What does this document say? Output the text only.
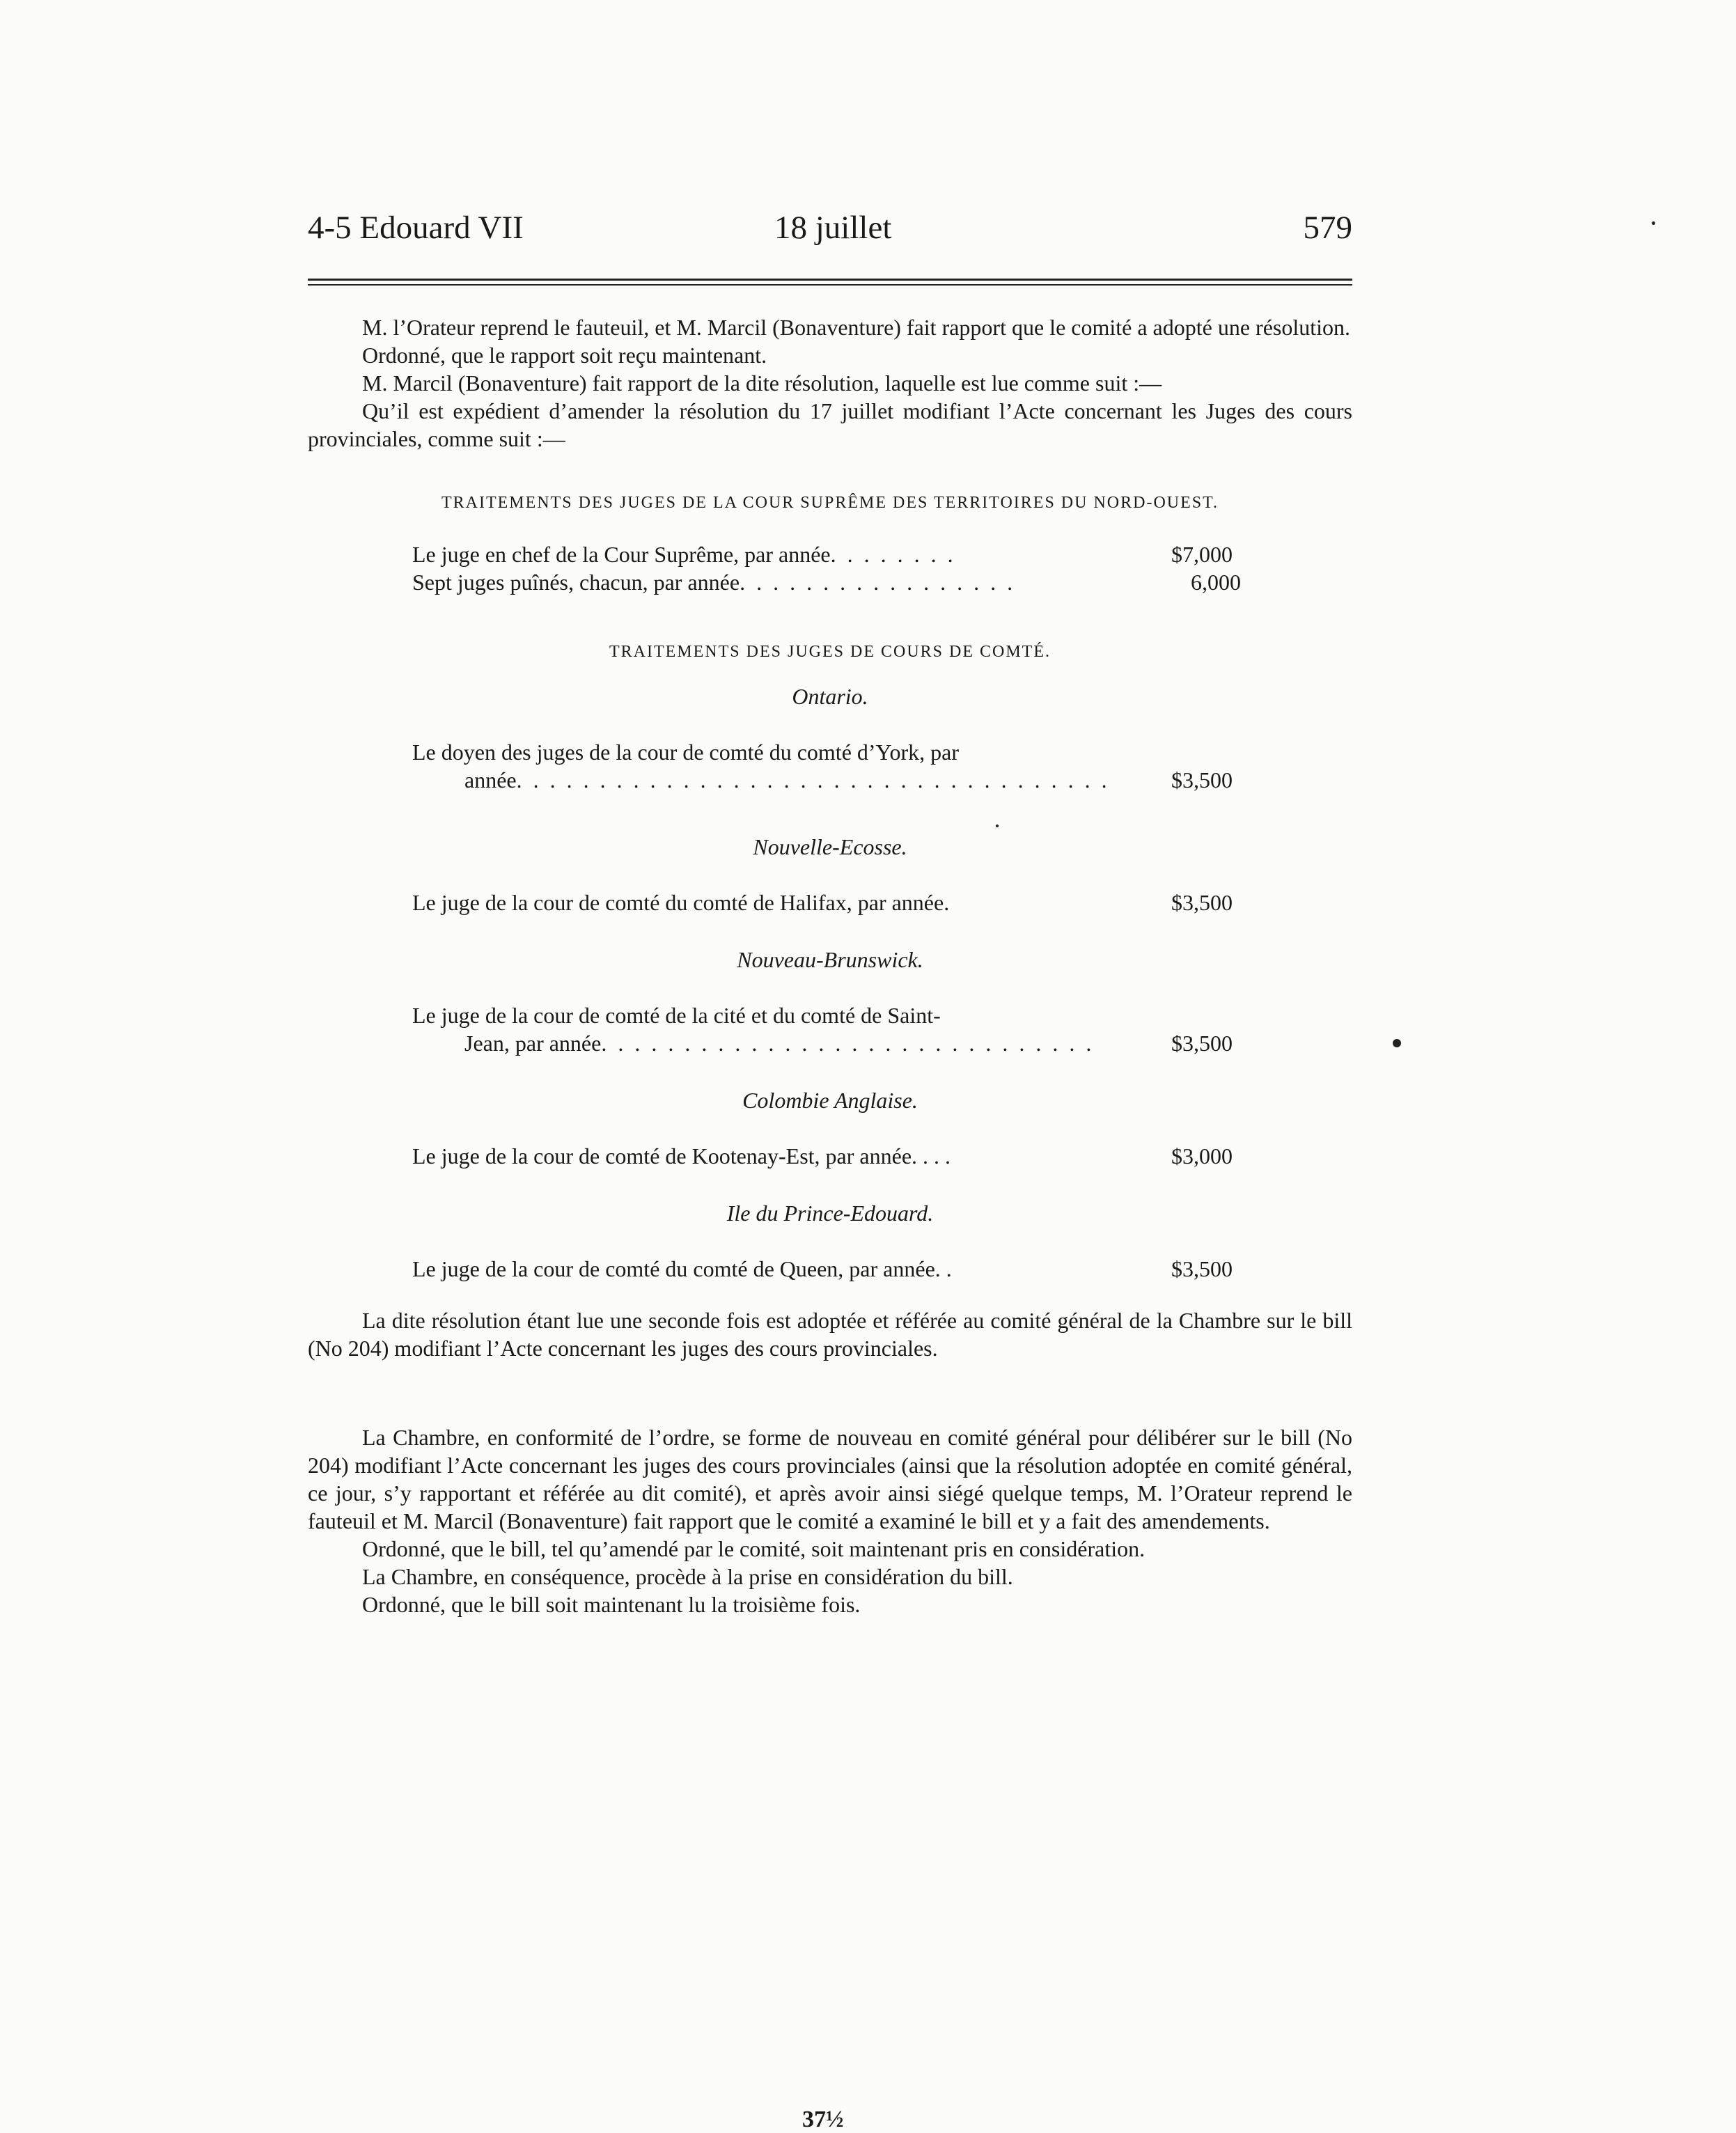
4-5 Edouard VII	18 juillet	579

M. l’Orateur reprend le fauteuil, et M. Marcil (Bonaventure) fait rapport que le comité a adopté une résolution.

Ordonné, que le rapport soit reçu maintenant.

M. Marcil (Bonaventure) fait rapport de la dite résolution, laquelle est lue comme suit :—

Qu’il est expédient d’amender la résolution du 17 juillet modifiant l’Acte concernant les Juges des cours provinciales, comme suit :—

TRAITEMENTS DES JUGES DE LA COUR SUPRÊME DES TERRITOIRES DU NORD-OUEST.

Le juge en chef de la Cour Suprême, par année. . . . . . . .	$7,000
Sept juges puînés, chacun, par année. . . . . . . . . . . . . . . . .	6,000

TRAITEMENTS DES JUGES DE COURS DE COMTÉ.

Ontario.

Le doyen des juges de la cour de comté du comté d’York, par
année. . . . . . . . . . . . . . . . . . . . . . . . . . . . . . . . . . . .	$3,500

Nouvelle-Ecosse.

Le juge de la cour de comté du comté de Halifax, par année.	$3,500

Nouveau-Brunswick.

Le juge de la cour de comté de la cité et du comté de Saint-
Jean, par année. . . . . . . . . . . . . . . . . . . . . . . . . . . . . .	$3,500

Colombie Anglaise.

Le juge de la cour de comté de Kootenay-Est, par année. . . .	$3,000

Ile du Prince-Edouard.

Le juge de la cour de comté du comté de Queen, par année. .	$3,500

La dite résolution étant lue une seconde fois est adoptée et référée au comité général de la Chambre sur le bill (No 204) modifiant l’Acte concernant les juges des cours provinciales.

La Chambre, en conformité de l’ordre, se forme de nouveau en comité général pour délibérer sur le bill (No 204) modifiant l’Acte concernant les juges des cours provinciales (ainsi que la résolution adoptée en comité général, ce jour, s’y rapportant et référée au dit comité), et après avoir ainsi siégé quelque temps, M. l’Orateur reprend le fauteuil et M. Marcil (Bonaventure) fait rapport que le comité a examiné le bill et y a fait des amendements.

Ordonné, que le bill, tel qu’amendé par le comité, soit maintenant pris en considération.

La Chambre, en conséquence, procède à la prise en considération du bill.

Ordonné, que le bill soit maintenant lu la troisième fois.

37½
